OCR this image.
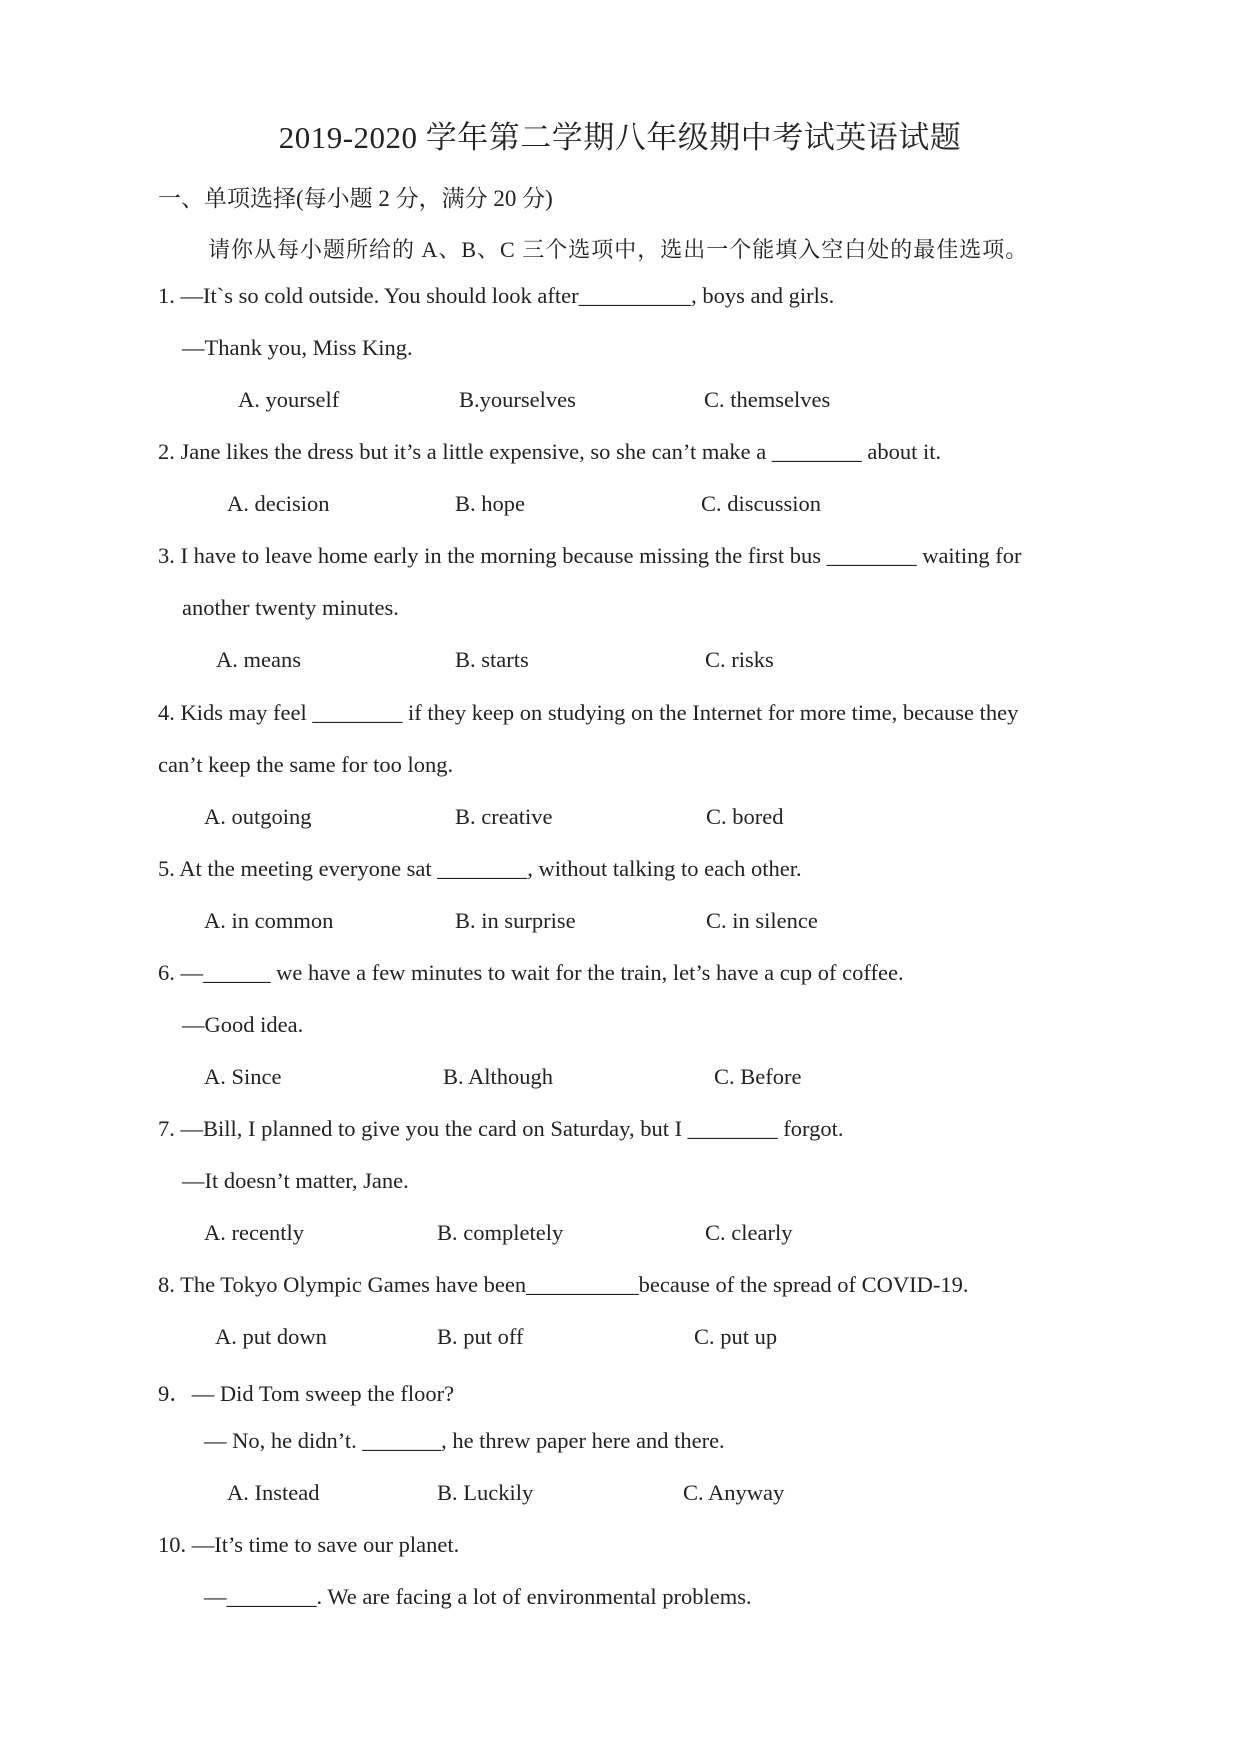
2019-2020 学年第二学期八年级期中考试英语试题
一、单项选择(每小题 2 分，满分 20 分)
请你从每小题所给的 A、B、C 三个选项中，选出一个能填入空白处的最佳选项。
1. —It`s so cold outside. You should look after__________, boys and girls.
—Thank you, Miss King.
A. yourself	B.yourselves	C. themselves
2. Jane likes the dress but it’s a little expensive, so she can’t make a ________ about it.
A. decision	B. hope	C. discussion
3. I have to leave home early in the morning because missing the first bus ________ waiting for
another twenty minutes.
A. means	B. starts	C. risks
4. Kids may feel ________ if they keep on studying on the Internet for more time, because they
can’t keep the same for too long.
A. outgoing	B. creative	C. bored
5. At the meeting everyone sat ________, without talking to each other.
A. in common	B. in surprise	C. in silence
6. —______ we have a few minutes to wait for the train, let’s have a cup of coffee.
—Good idea.
A. Since	B. Although	C. Before
7. —Bill, I planned to give you the card on Saturday, but I ________ forgot.
—It doesn’t matter, Jane.
A. recently	B. completely	C. clearly
8. The Tokyo Olympic Games have been__________because of the spread of COVID-19.
A. put down	B. put off	C. put up
9．— Did Tom sweep the floor?
— No, he didn’t. _______, he threw paper here and there.
A. Instead	B. Luckily	C. Anyway
10. —It’s time to save our planet.
—________. We are facing a lot of environmental problems.
